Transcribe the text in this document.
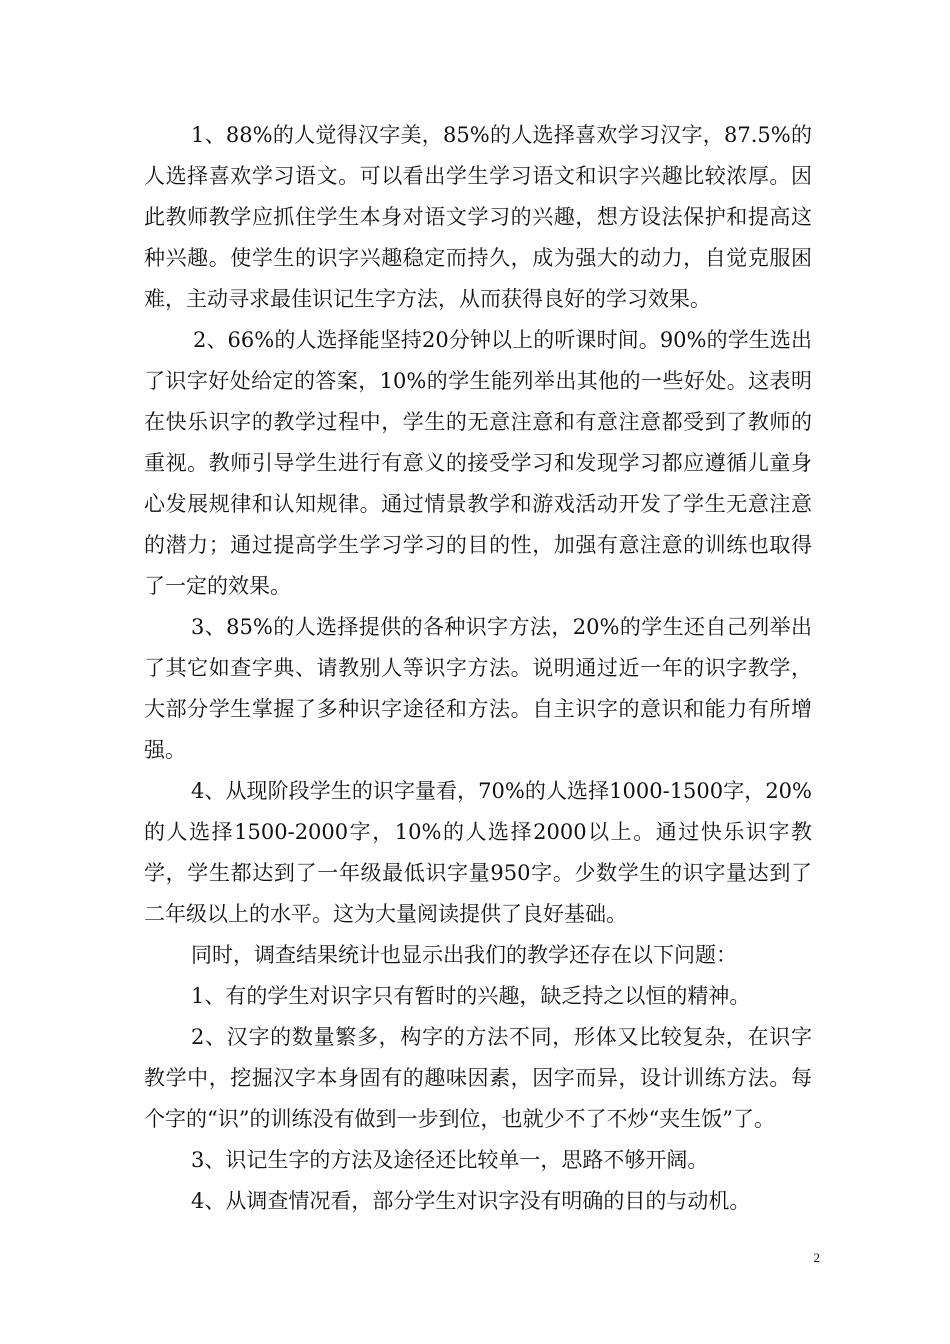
1、88%的人觉得汉字美，85%的人选择喜欢学习汉字，87.5%的人选择喜欢学习语文。可以看出学生学习语文和识字兴趣比较浓厚。因此教师教学应抓住学生本身对语文学习的兴趣，想方设法保护和提高这种兴趣。使学生的识字兴趣稳定而持久，成为强大的动力，自觉克服困难，主动寻求最佳识记生字方法，从而获得良好的学习效果。

2、66%的人选择能坚持20分钟以上的听课时间。90%的学生选出了识字好处给定的答案，10%的学生能列举出其他的一些好处。这表明在快乐识字的教学过程中，学生的无意注意和有意注意都受到了教师的重视。教师引导学生进行有意义的接受学习和发现学习都应遵循儿童身心发展规律和认知规律。通过情景教学和游戏活动开发了学生无意注意的潜力；通过提高学生学习学习的目的性，加强有意注意的训练也取得了一定的效果。

3、85%的人选择提供的各种识字方法，20%的学生还自己列举出了其它如查字典、请教别人等识字方法。说明通过近一年的识字教学，大部分学生掌握了多种识字途径和方法。自主识字的意识和能力有所增强。

4、从现阶段学生的识字量看，70%的人选择1000-1500字，20%的人选择1500-2000字，10%的人选择2000以上。通过快乐识字教学，学生都达到了一年级最低识字量950字。少数学生的识字量达到了二年级以上的水平。这为大量阅读提供了良好基础。

同时，调查结果统计也显示出我们的教学还存在以下问题：

1、有的学生对识字只有暂时的兴趣，缺乏持之以恒的精神。

2、汉字的数量繁多，构字的方法不同，形体又比较复杂，在识字教学中，挖掘汉字本身固有的趣味因素，因字而异，设计训练方法。每个字的“识”的训练没有做到一步到位，也就少不了不炒“夹生饭”了。

3、识记生字的方法及途径还比较单一，思路不够开阔。

4、从调查情况看，部分学生对识字没有明确的目的与动机。

2
